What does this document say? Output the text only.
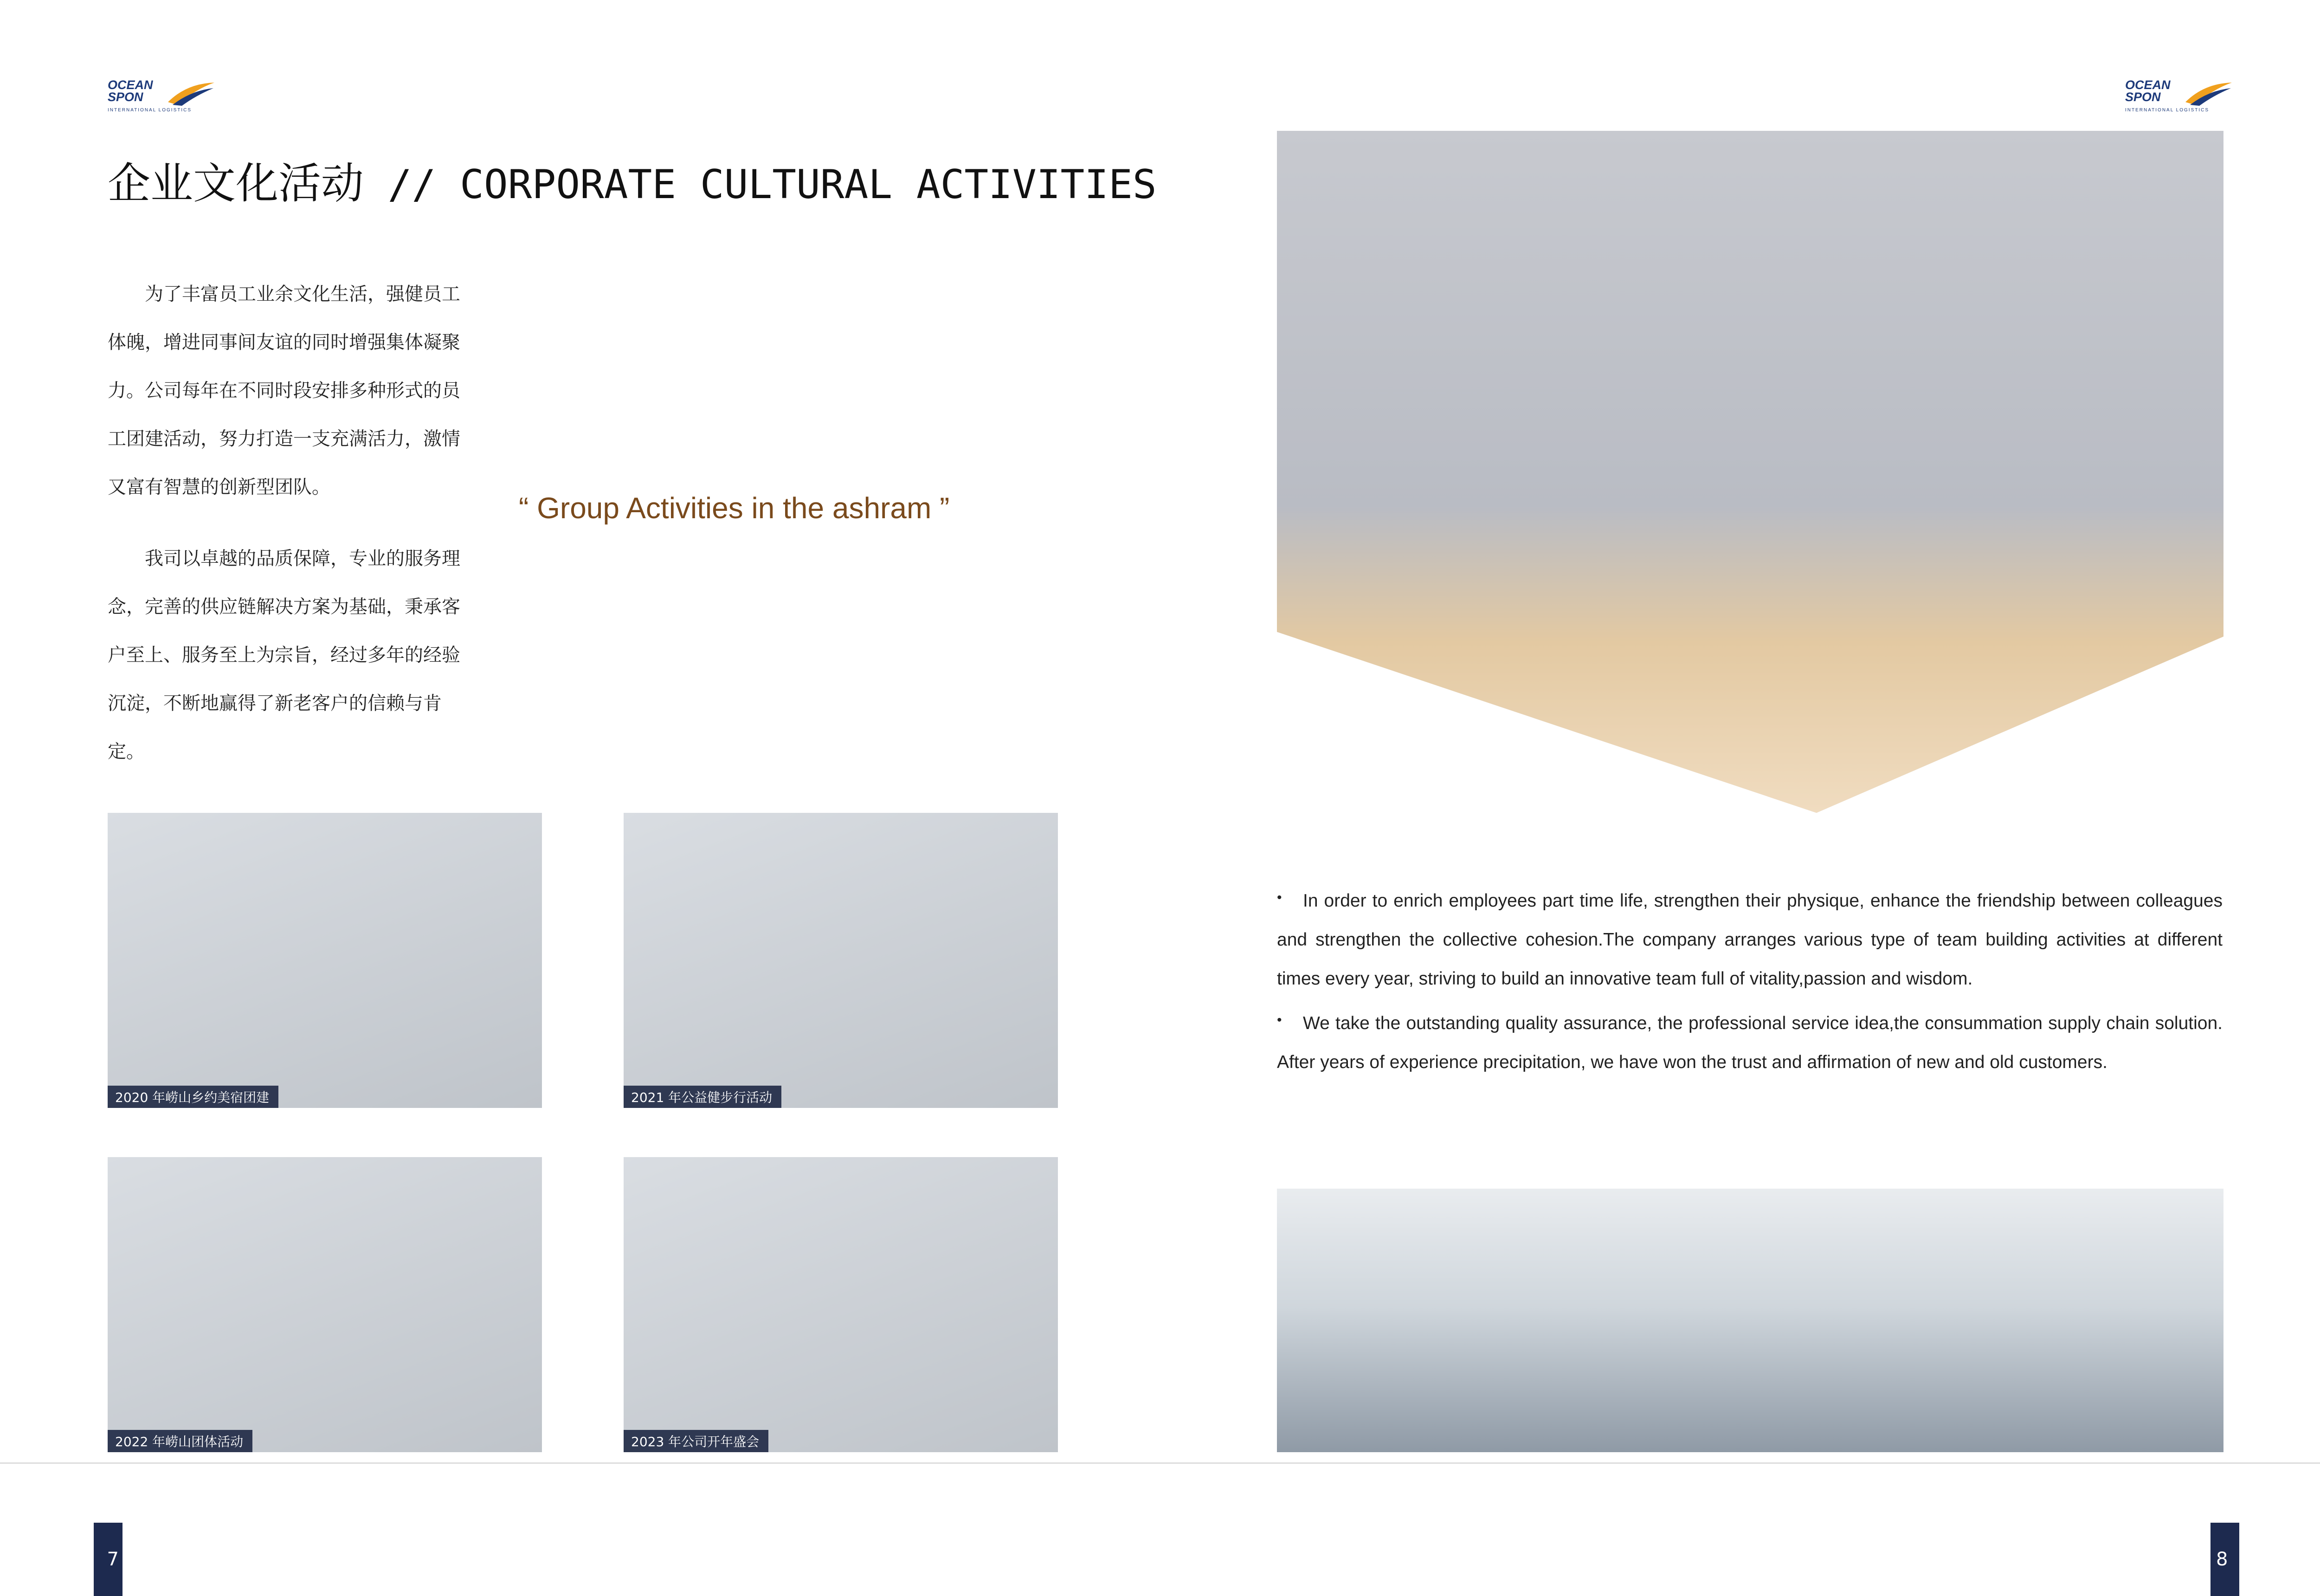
OCEAN
SPON
INTERNATIONAL LOGISTICS
OCEAN
SPON
INTERNATIONAL LOGISTICS
企业文化活动 // CORPORATE CULTURAL ACTIVITIES

为了丰富员工业余文化生活，强健员工体魄，增进同事间友谊的同时增强集体凝聚力。公司每年在不同时段安排多种形式的员工团建活动，努力打造一支充满活力，激情又富有智慧的创新型团队。

我司以卓越的品质保障，专业的服务理念，完善的供应链解决方案为基础，秉承客户至上、服务至上为宗旨，经过多年的经验沉淀，不断地赢得了新老客户的信赖与肯定。

“ Group Activities in the ashram ”
2020 年崂山乡约美宿团建	2021 年公益健步行活动
2022 年崂山团体活动	2023 年公司开年盛会

• In order to enrich employees part time life, strengthen their physique, enhance the friendship between colleagues and strengthen the collective cohesion.The company arranges various type of team building activities at different times every year, striving to build an innovative team full of vitality,passion and wisdom.

• We take the outstanding quality assurance, the professional service idea,the consummation supply chain solution. After years of experience precipitation, we have won the trust and affirmation of new and old customers.

7	8
